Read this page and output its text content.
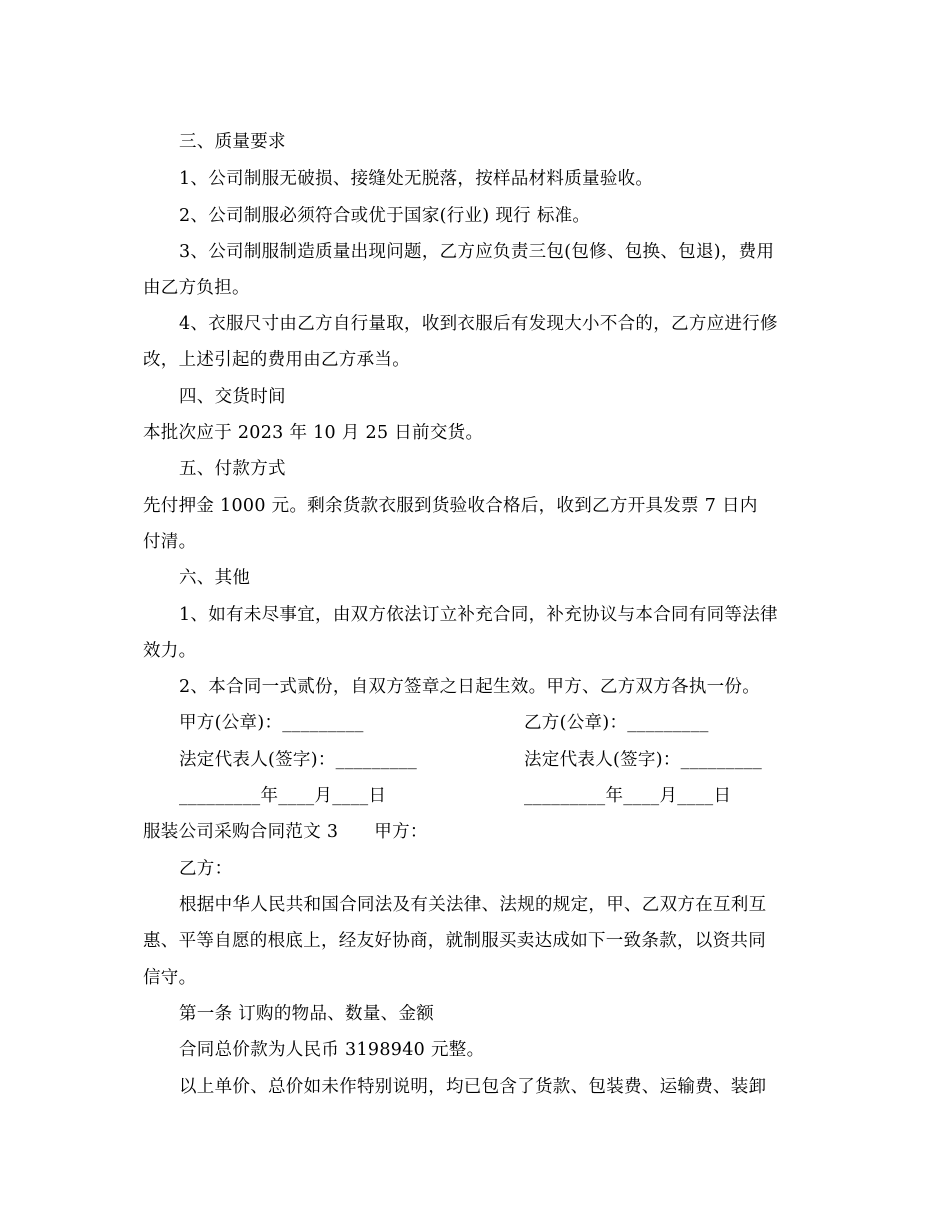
三、质量要求
1、公司制服无破损、接缝处无脱落，按样品材料质量验收。
2、公司制服必须符合或优于国家(行业) 现行 标准。
3、公司制服制造质量出现问题，乙方应负责三包(包修、包换、包退)，费用
由乙方负担。
4、衣服尺寸由乙方自行量取，收到衣服后有发现大小不合的，乙方应进行修
改，上述引起的费用由乙方承当。
四、交货时间
本批次应于 2023 年 10 月 25 日前交货。
五、付款方式
先付押金 1000 元。剩余货款衣服到货验收合格后，收到乙方开具发票 7 日内
付清。
六、其他
1、如有未尽事宜，由双方依法订立补充合同，补充协议与本合同有同等法律
效力。
2、本合同一式贰份，自双方签章之日起生效。甲方、乙方双方各执一份。
甲方(公章)：_________	乙方(公章)：_________
法定代表人(签字)：_________	法定代表人(签字)：_________
_________年____月____日	_________年____月____日
服装公司采购合同范文 3 甲方：
乙方：
根据中华人民共和国合同法及有关法律、法规的规定，甲、乙双方在互利互
惠、平等自愿的根底上，经友好协商，就制服买卖达成如下一致条款，以资共同
信守。
第一条 订购的物品、数量、金额
合同总价款为人民币 3198940 元整。
以上单价、总价如未作特别说明，均已包含了货款、包装费、运输费、装卸
